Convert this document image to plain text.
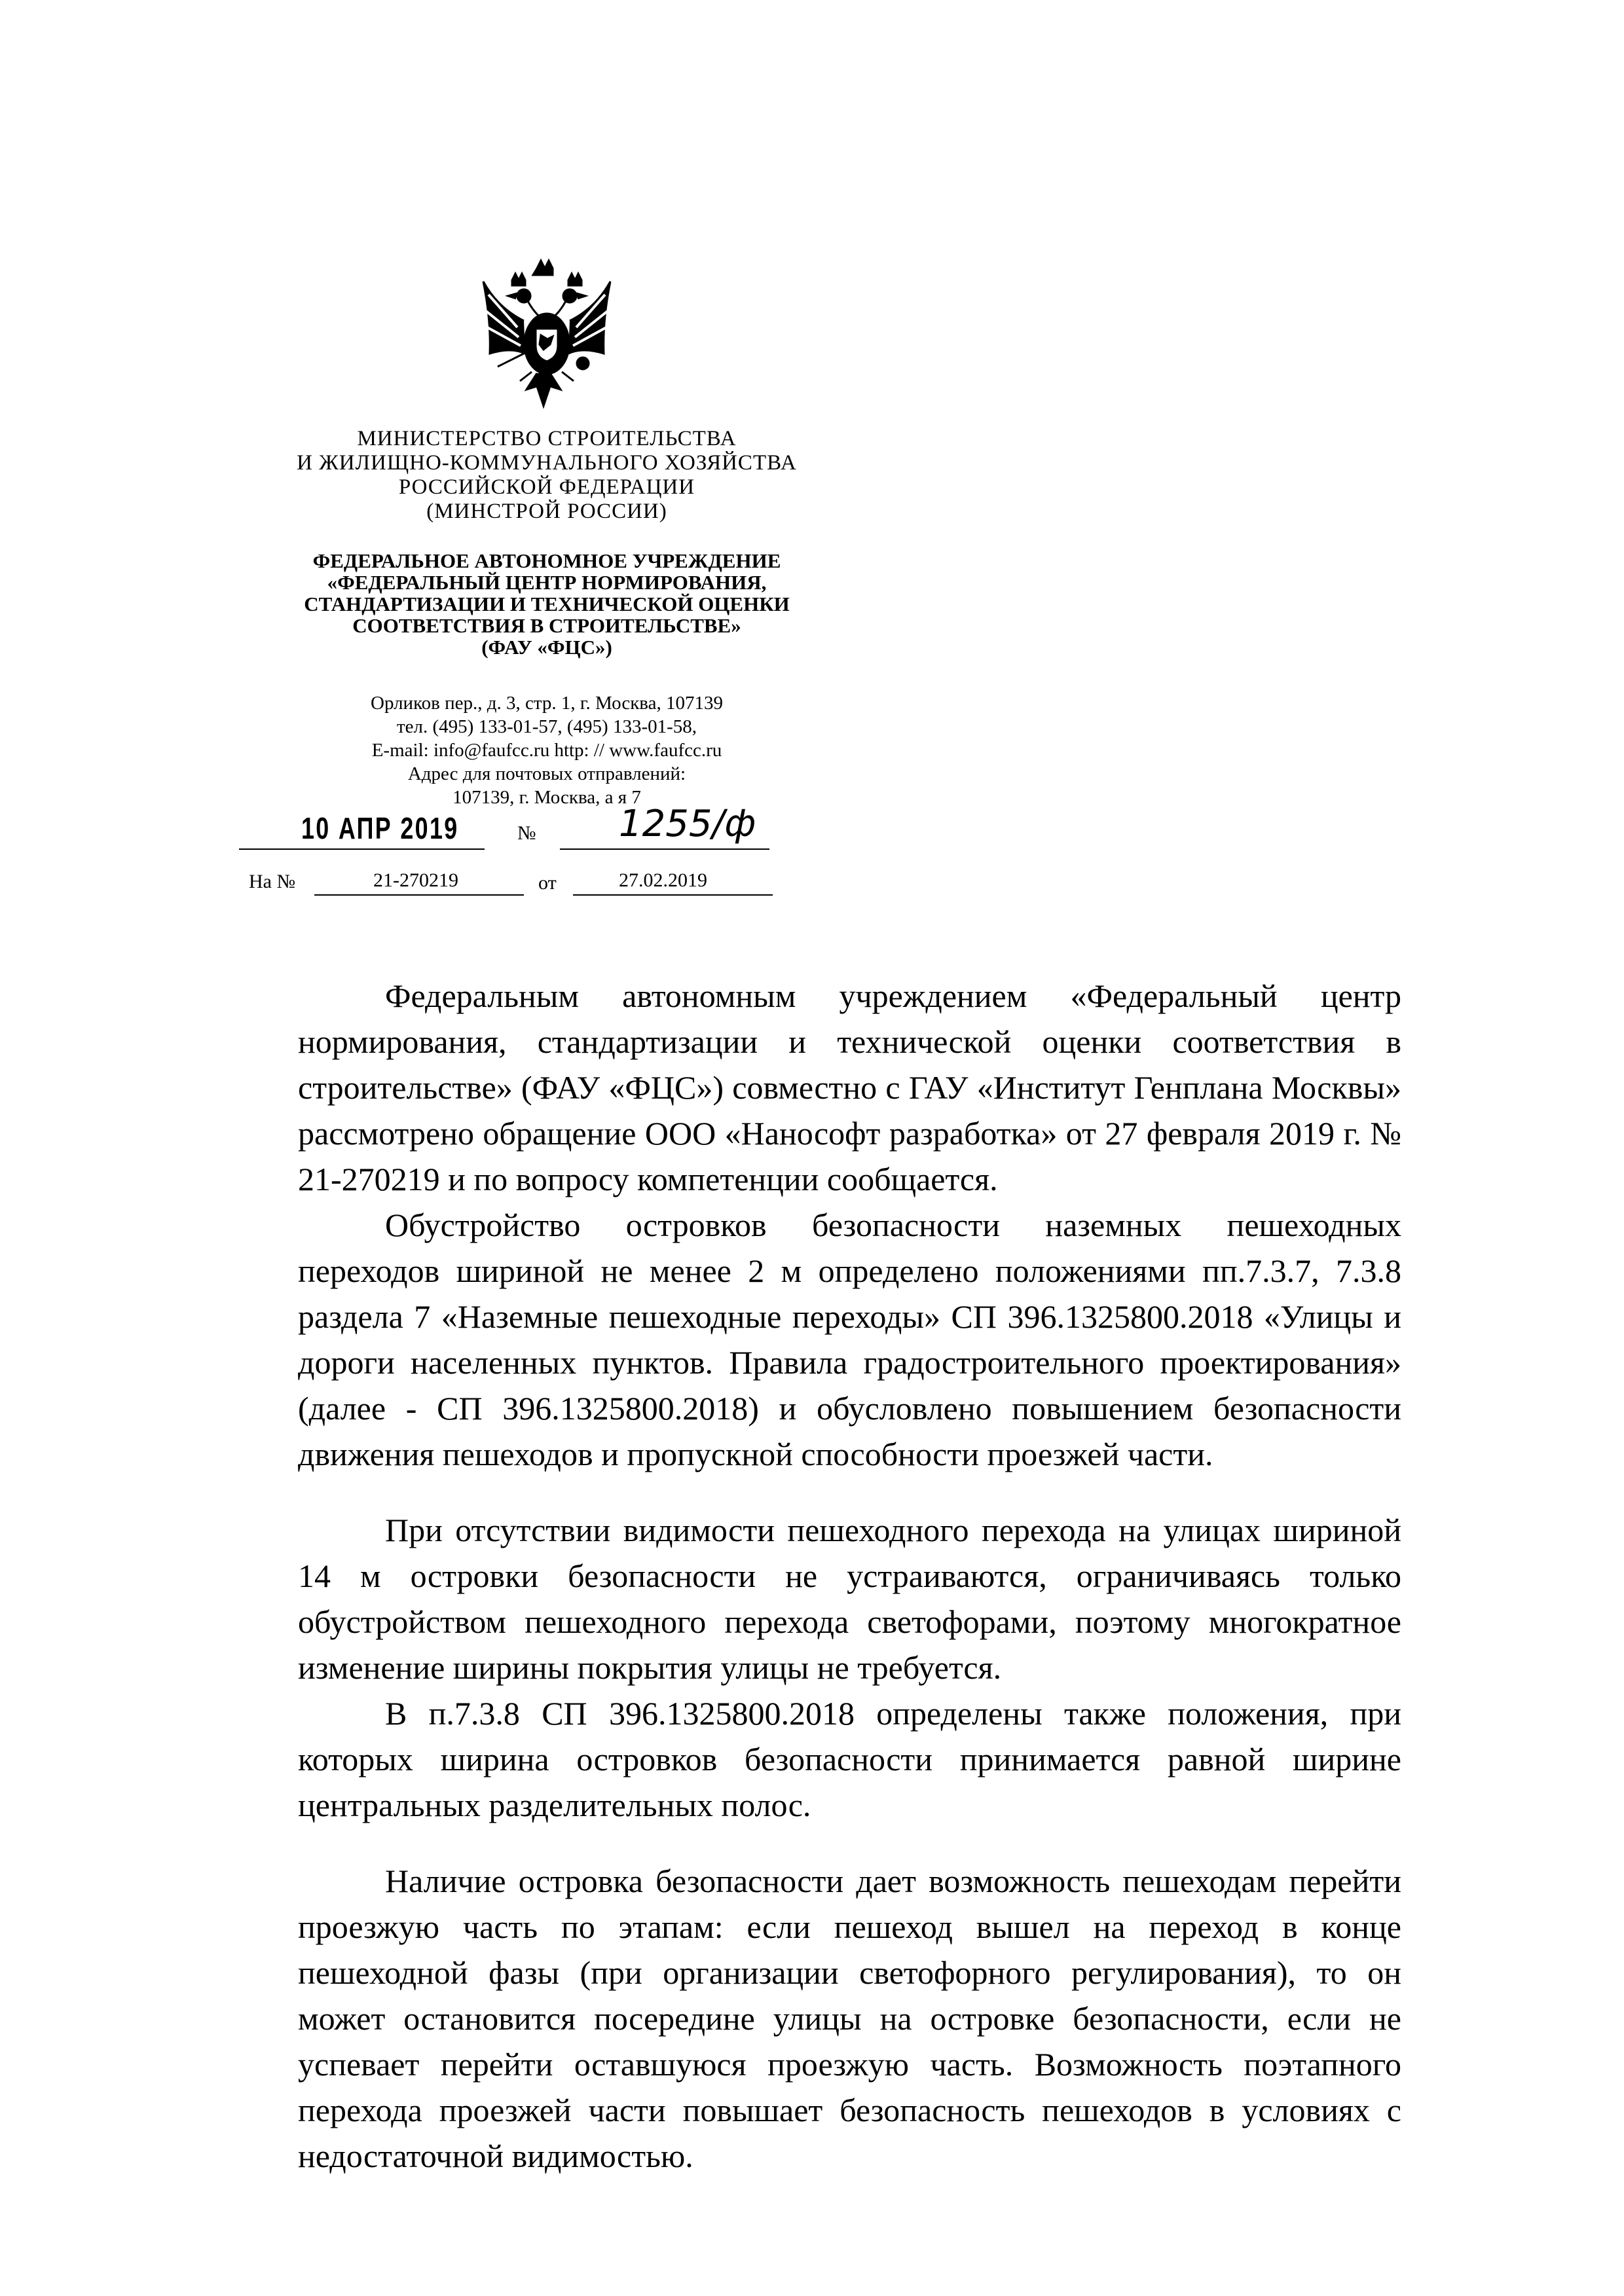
МИНИСТЕРСТВО СТРОИТЕЛЬСТВА
И ЖИЛИЩНО-КОММУНАЛЬНОГО ХОЗЯЙСТВА
РОССИЙСКОЙ ФЕДЕРАЦИИ
(МИНСТРОЙ РОССИИ)
ФЕДЕРАЛЬНОЕ АВТОНОМНОЕ УЧРЕЖДЕНИЕ
«ФЕДЕРАЛЬНЫЙ ЦЕНТР НОРМИРОВАНИЯ,
СТАНДАРТИЗАЦИИ И ТЕХНИЧЕСКОЙ ОЦЕНКИ
СООТВЕТСТВИЯ В СТРОИТЕЛЬСТВЕ»
(ФАУ «ФЦС»)
Орликов пер., д. 3, стр. 1, г. Москва, 107139
тел. (495) 133-01-57, (495) 133-01-58,
E-mail: info@faufcc.ru http: // www.faufcc.ru
Адрес для почтовых отправлений:
107139, г. Москва, а я 7
10 АПР 2019	№ 1255/ф
На №	21-270219	от	27.02.2019

Федеральным автономным учреждением «Федеральный центр нормирования, стандартизации и технической оценки соответствия в строительстве» (ФАУ «ФЦС») совместно с ГАУ «Институт Генплана Москвы» рассмотрено обращение ООО «Нанософт разработка» от 27 февраля 2019 г. № 21-270219 и по вопросу компетенции сообщается.

Обустройство островков безопасности наземных пешеходных переходов шириной не менее 2 м определено положениями пп.7.3.7, 7.3.8 раздела 7 «Наземные пешеходные переходы» СП 396.1325800.2018 «Улицы и дороги населенных пунктов. Правила градостроительного проектирования» (далее - СП 396.1325800.2018) и обусловлено повышением безопасности движения пешеходов и пропускной способности проезжей части.

При отсутствии видимости пешеходного перехода на улицах шириной 14 м островки безопасности не устраиваются, ограничиваясь только обустройством пешеходного перехода светофорами, поэтому многократное изменение ширины покрытия улицы не требуется.

В п.7.3.8 СП 396.1325800.2018 определены также положения, при которых ширина островков безопасности принимается равной ширине центральных разделительных полос.

Наличие островка безопасности дает возможность пешеходам перейти проезжую часть по этапам: если пешеход вышел на переход в конце пешеходной фазы (при организации светофорного регулирования), то он может остановится посередине улицы на островке безопасности, если не успевает перейти оставшуюся проезжую часть. Возможность поэтапного перехода проезжей части повышает безопасность пешеходов в условиях с недостаточной видимостью.
